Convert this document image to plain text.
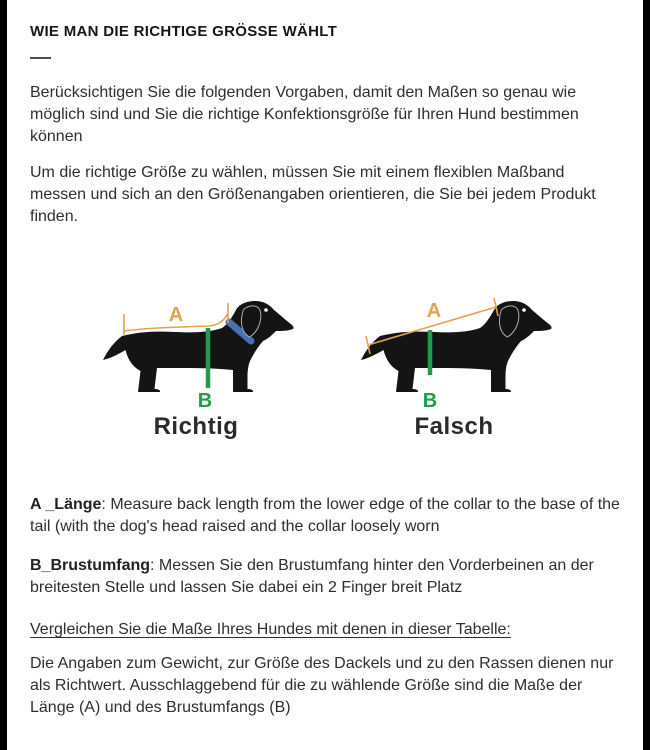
WIE MAN DIE RICHTIGE GRÖSSE WÄHLT

Berücksichtigen Sie die folgenden Vorgaben, damit den Maßen so genau wie möglich sind und Sie die richtige Konfektionsgröße für Ihren Hund bestimmen können

Um die richtige Größe zu wählen, müssen Sie mit einem flexiblen Maßband messen und sich an den Größenangaben orientieren, die Sie bei jedem Produkt finden.

A
B
Richtig
A
B
Falsch

A _Länge: Measure back length from the lower edge of the collar to the base of the tail (with the dog's head raised and the collar loosely worn

B_Brustumfang: Messen Sie den Brustumfang hinter den Vorderbeinen an der breitesten Stelle und lassen Sie dabei ein 2 Finger breit Platz

Vergleichen Sie die Maße Ihres Hundes mit denen in dieser Tabelle:

Die Angaben zum Gewicht, zur Größe des Dackels und zu den Rassen dienen nur als Richtwert. Ausschlaggebend für die zu wählende Größe sind die Maße der Länge (A) und des Brustumfangs (B)
